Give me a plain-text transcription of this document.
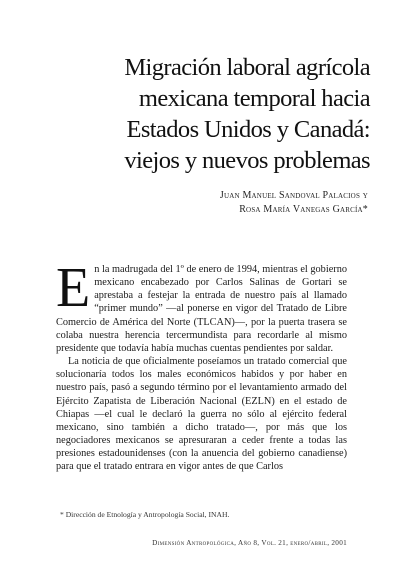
Migración laboral agrícola
mexicana temporal hacia
Estados Unidos y Canadá:
viejos y nuevos problemas
Juan Manuel Sandoval Palacios y
Rosa María Vanegas García*

En la madrugada del 1º de enero de 1994, mientras el gobierno mexicano encabezado por Carlos Salinas de Gortari se aprestaba a festejar la entrada de nuestro país al llamado “primer mundo” —al ponerse en vigor del Tratado de Libre Comercio de América del Norte (TLCAN)—, por la puerta trasera se colaba nuestra herencia tercermundista para recordarle al mismo presidente que todavía había muchas cuentas pendientes por saldar.

La noticia de que oficialmente poseíamos un tratado comercial que solucionaría todos los males económicos habidos y por haber en nuestro país, pasó a segundo término por el levantamiento armado del Ejército Zapatista de Liberación Nacional (EZLN) en el estado de Chiapas —el cual le declaró la guerra no sólo al ejército federal mexicano, sino también a dicho tratado—, por más que los negociadores mexicanos se apresuraran a ceder frente a todas las presiones estadounidenses (con la anuencia del gobierno canadiense) para que el tratado entrara en vigor antes de que Carlos

* Dirección de Etnología y Antropología Social, INAH.
Dimensión Antropológica, Año 8, Vol. 21, enero/abril, 2001
